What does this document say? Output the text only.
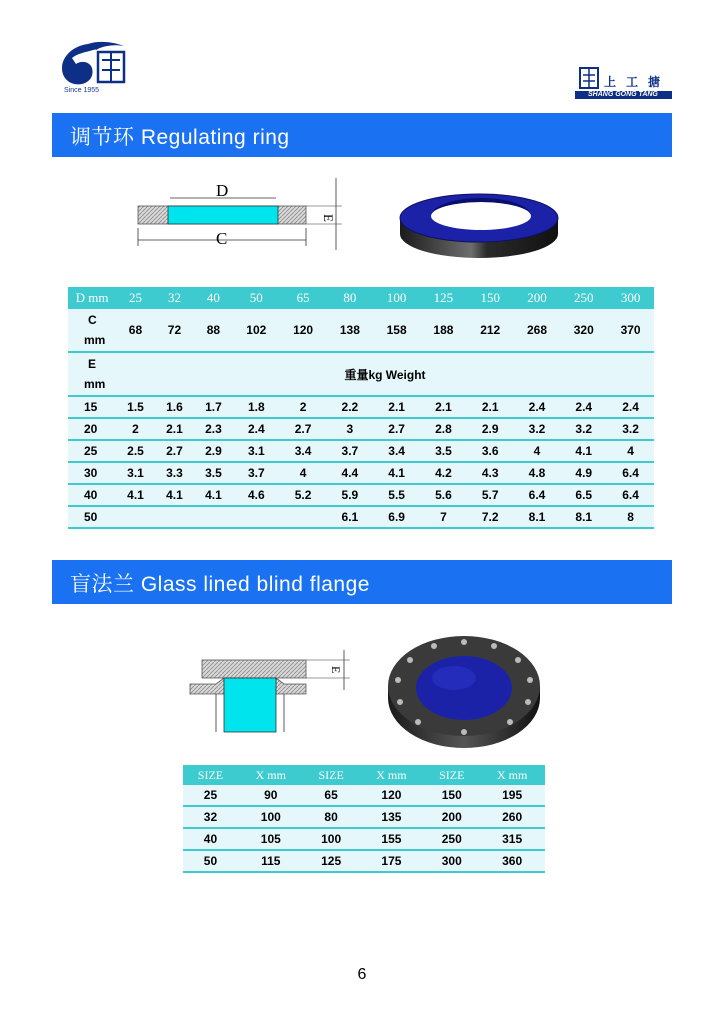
Since 1955
上工搪
SHANG GONG TANG
调节环 Regulating ring
D
C
E
D mm	25	32	40	50	65	80	100	125	150	200	250	300

C
mm	68	72	88	102	120	138	158	188	212	268	320	370

E
mm	重量kg Weight											
15	1.5	1.6	1.7	1.8	2	2.2	2.1	2.1	2.1	2.4	2.4	2.4
20	2	2.1	2.3	2.4	2.7	3	2.7	2.8	2.9	3.2	3.2	3.2
25	2.5	2.7	2.9	3.1	3.4	3.7	3.4	3.5	3.6	4	4.1	4
30	3.1	3.3	3.5	3.7	4	4.4	4.1	4.2	4.3	4.8	4.9	6.4
40	4.1	4.1	4.1	4.6	5.2	5.9	5.5	5.6	5.7	6.4	6.5	6.4
50						6.1	6.9	7	7.2	8.1	8.1	8
盲法兰 Glass lined blind flange
E
SIZE	X mm	SIZE	X mm	SIZE	X mm
25	90	65	120	150	195
32	100	80	135	200	260
40	105	100	155	250	315
50	115	125	175	300	360
6
